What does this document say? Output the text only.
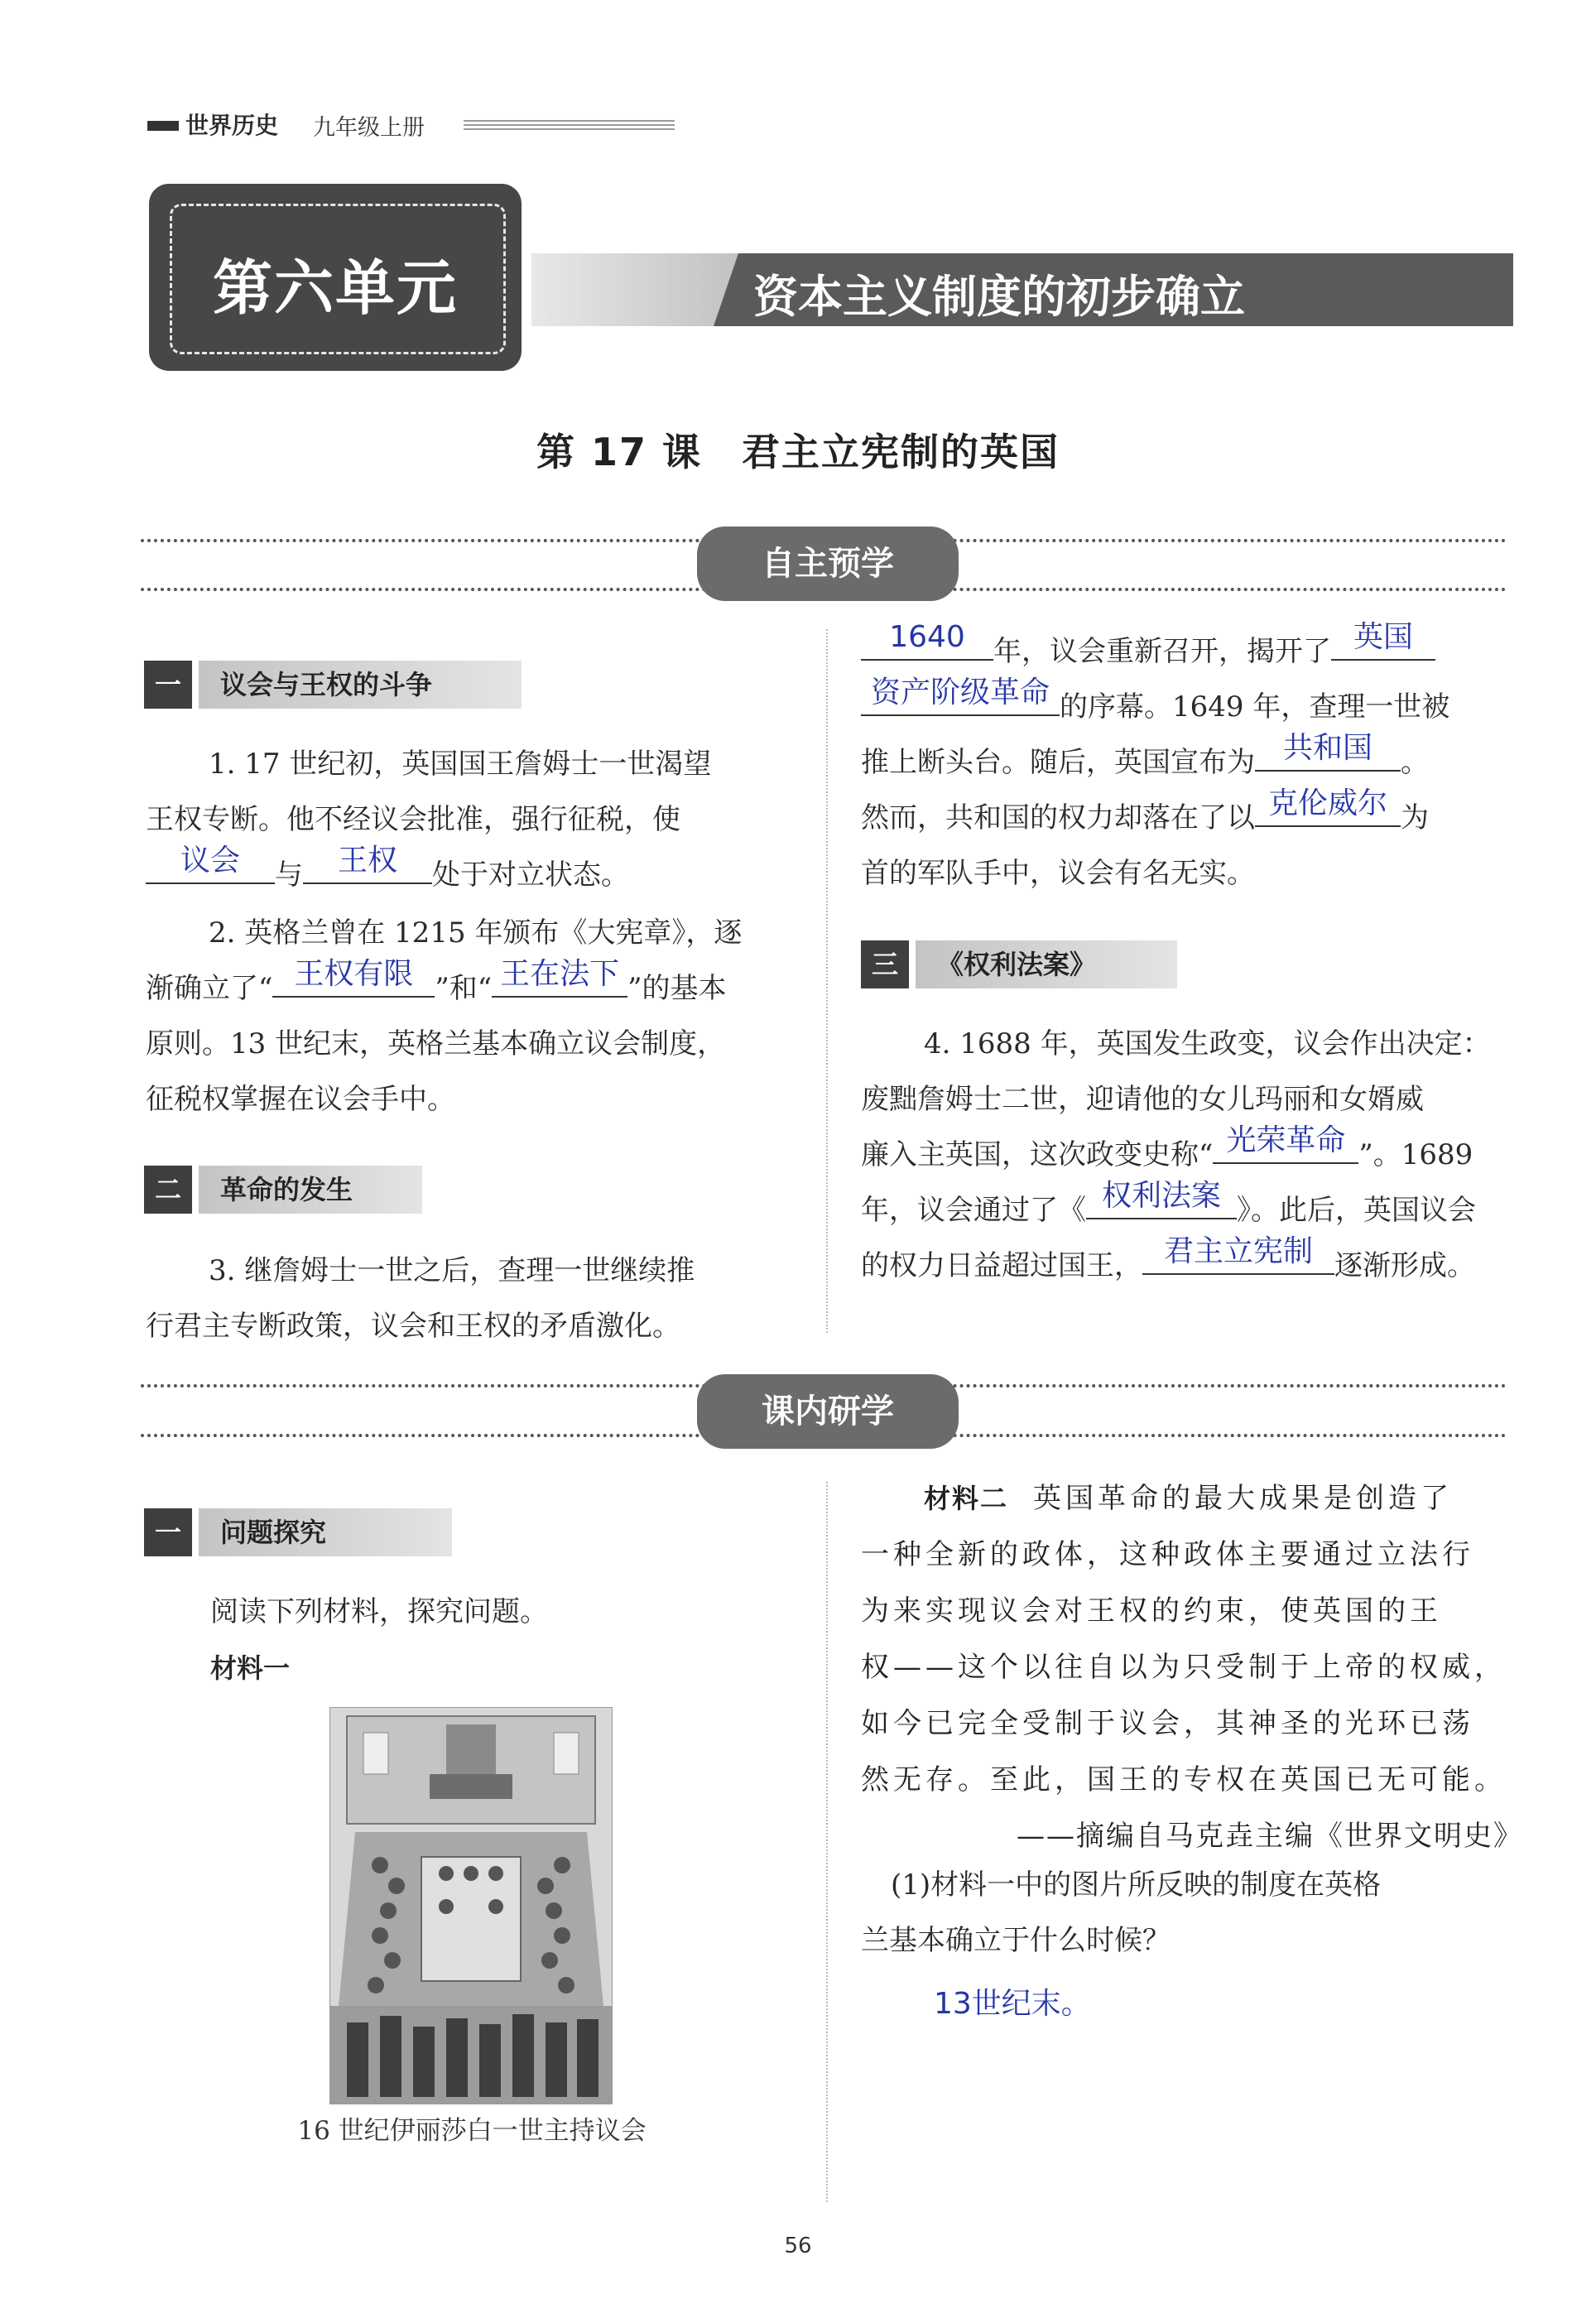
世界历史 九年级上册
第六单元	资本主义制度的初步确立
第 17 课　君主立宪制的英国
自主预学
一	议会与王权的斗争
1. 17 世纪初，英国国王詹姆士一世渴望
王权专断。他不经议会批准，强行征税，使
议会	与	王权	处于对立状态。
2. 英格兰曾在 1215 年颁布《大宪章》，逐
渐确立了“ 王权有限 ”和“ 王在法下 ”的基本
原则。13 世纪末，英格兰基本确立议会制度，
征税权掌握在议会手中。
二	革命的发生
3. 继詹姆士一世之后，查理一世继续推
行君主专断政策，议会和王权的矛盾激化。
1640	年，议会重新召开，揭开了 英国
资产阶级革命 的序幕。1649 年，查理一世被
推上断头台。随后，英国宣布为 共和国	。
然而，共和国的权力却落在了以 克伦威尔 为
首的军队手中，议会有名无实。
三	《权利法案》
4. 1688 年，英国发生政变，议会作出决定：
废黜詹姆士二世，迎请他的女儿玛丽和女婿威
廉入主英国，这次政变史称“ 光荣革命 ”。1689
年，议会通过了《 权利法案 》。此后，英国议会
的权力日益超过国王， 君主立宪制 逐渐形成。
课内研学
一	问题探究
阅读下列材料，探究问题。
材料一
16 世纪伊丽莎白一世主持议会
材料二 英国革命的最大成果是创造了
一种全新的政体，这种政体主要通过立法行
为来实现议会对王权的约束，使英国的王
权——这个以往自以为只受制于上帝的权威，
如今已完全受制于议会，其神圣的光环已荡
然无存。至此，国王的专权在英国已无可能。
——摘编自马克垚主编《世界文明史》
(1)材料一中的图片所反映的制度在英格
兰基本确立于什么时候？
13世纪末。
56
